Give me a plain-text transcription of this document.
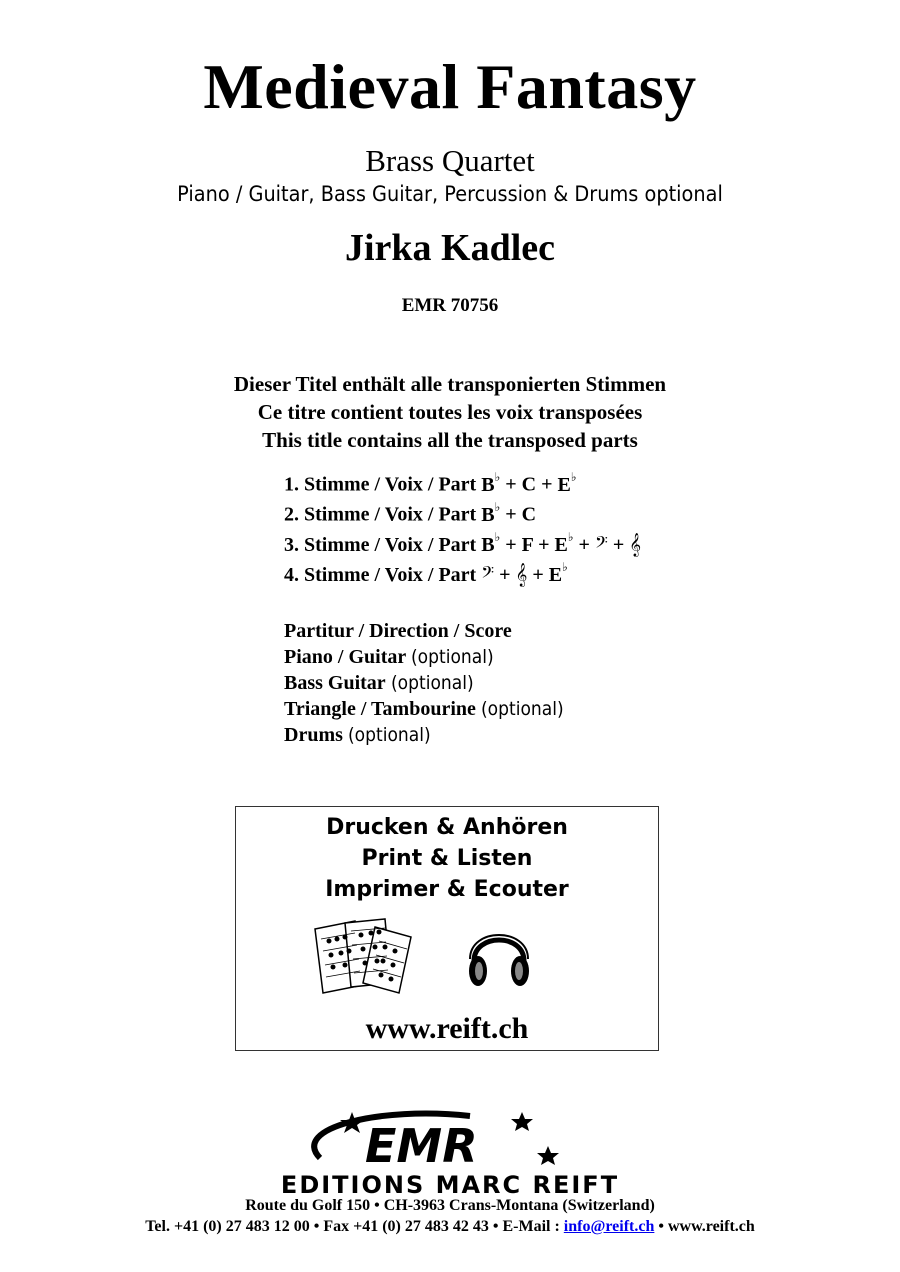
Medieval Fantasy
Brass Quartet
Piano / Guitar, Bass Guitar, Percussion & Drums optional
Jirka Kadlec
EMR 70756
Dieser Titel enthält alle transponierten Stimmen
Ce titre contient toutes les voix transposées
This title contains all the transposed parts
1. Stimme / Voix / Part B♭ + C + E♭
2. Stimme / Voix / Part B♭ + C
3. Stimme / Voix / Part B♭ + F + E♭ + 𝄢 + 𝄞
4. Stimme / Voix / Part 𝄢 + 𝄞 + E♭
Partitur / Direction / Score
Piano / Guitar (optional)
Bass Guitar (optional)
Triangle / Tambourine (optional)
Drums (optional)
Drucken & Anhören
Print & Listen
Imprimer & Ecouter
www.reift.ch
EMR
EDITIONS MARC REIFT
Route du Golf 150 • CH-3963 Crans-Montana (Switzerland)
Tel. +41 (0) 27 483 12 00 • Fax +41 (0) 27 483 42 43 • E-Mail : info@reift.ch • www.reift.ch
